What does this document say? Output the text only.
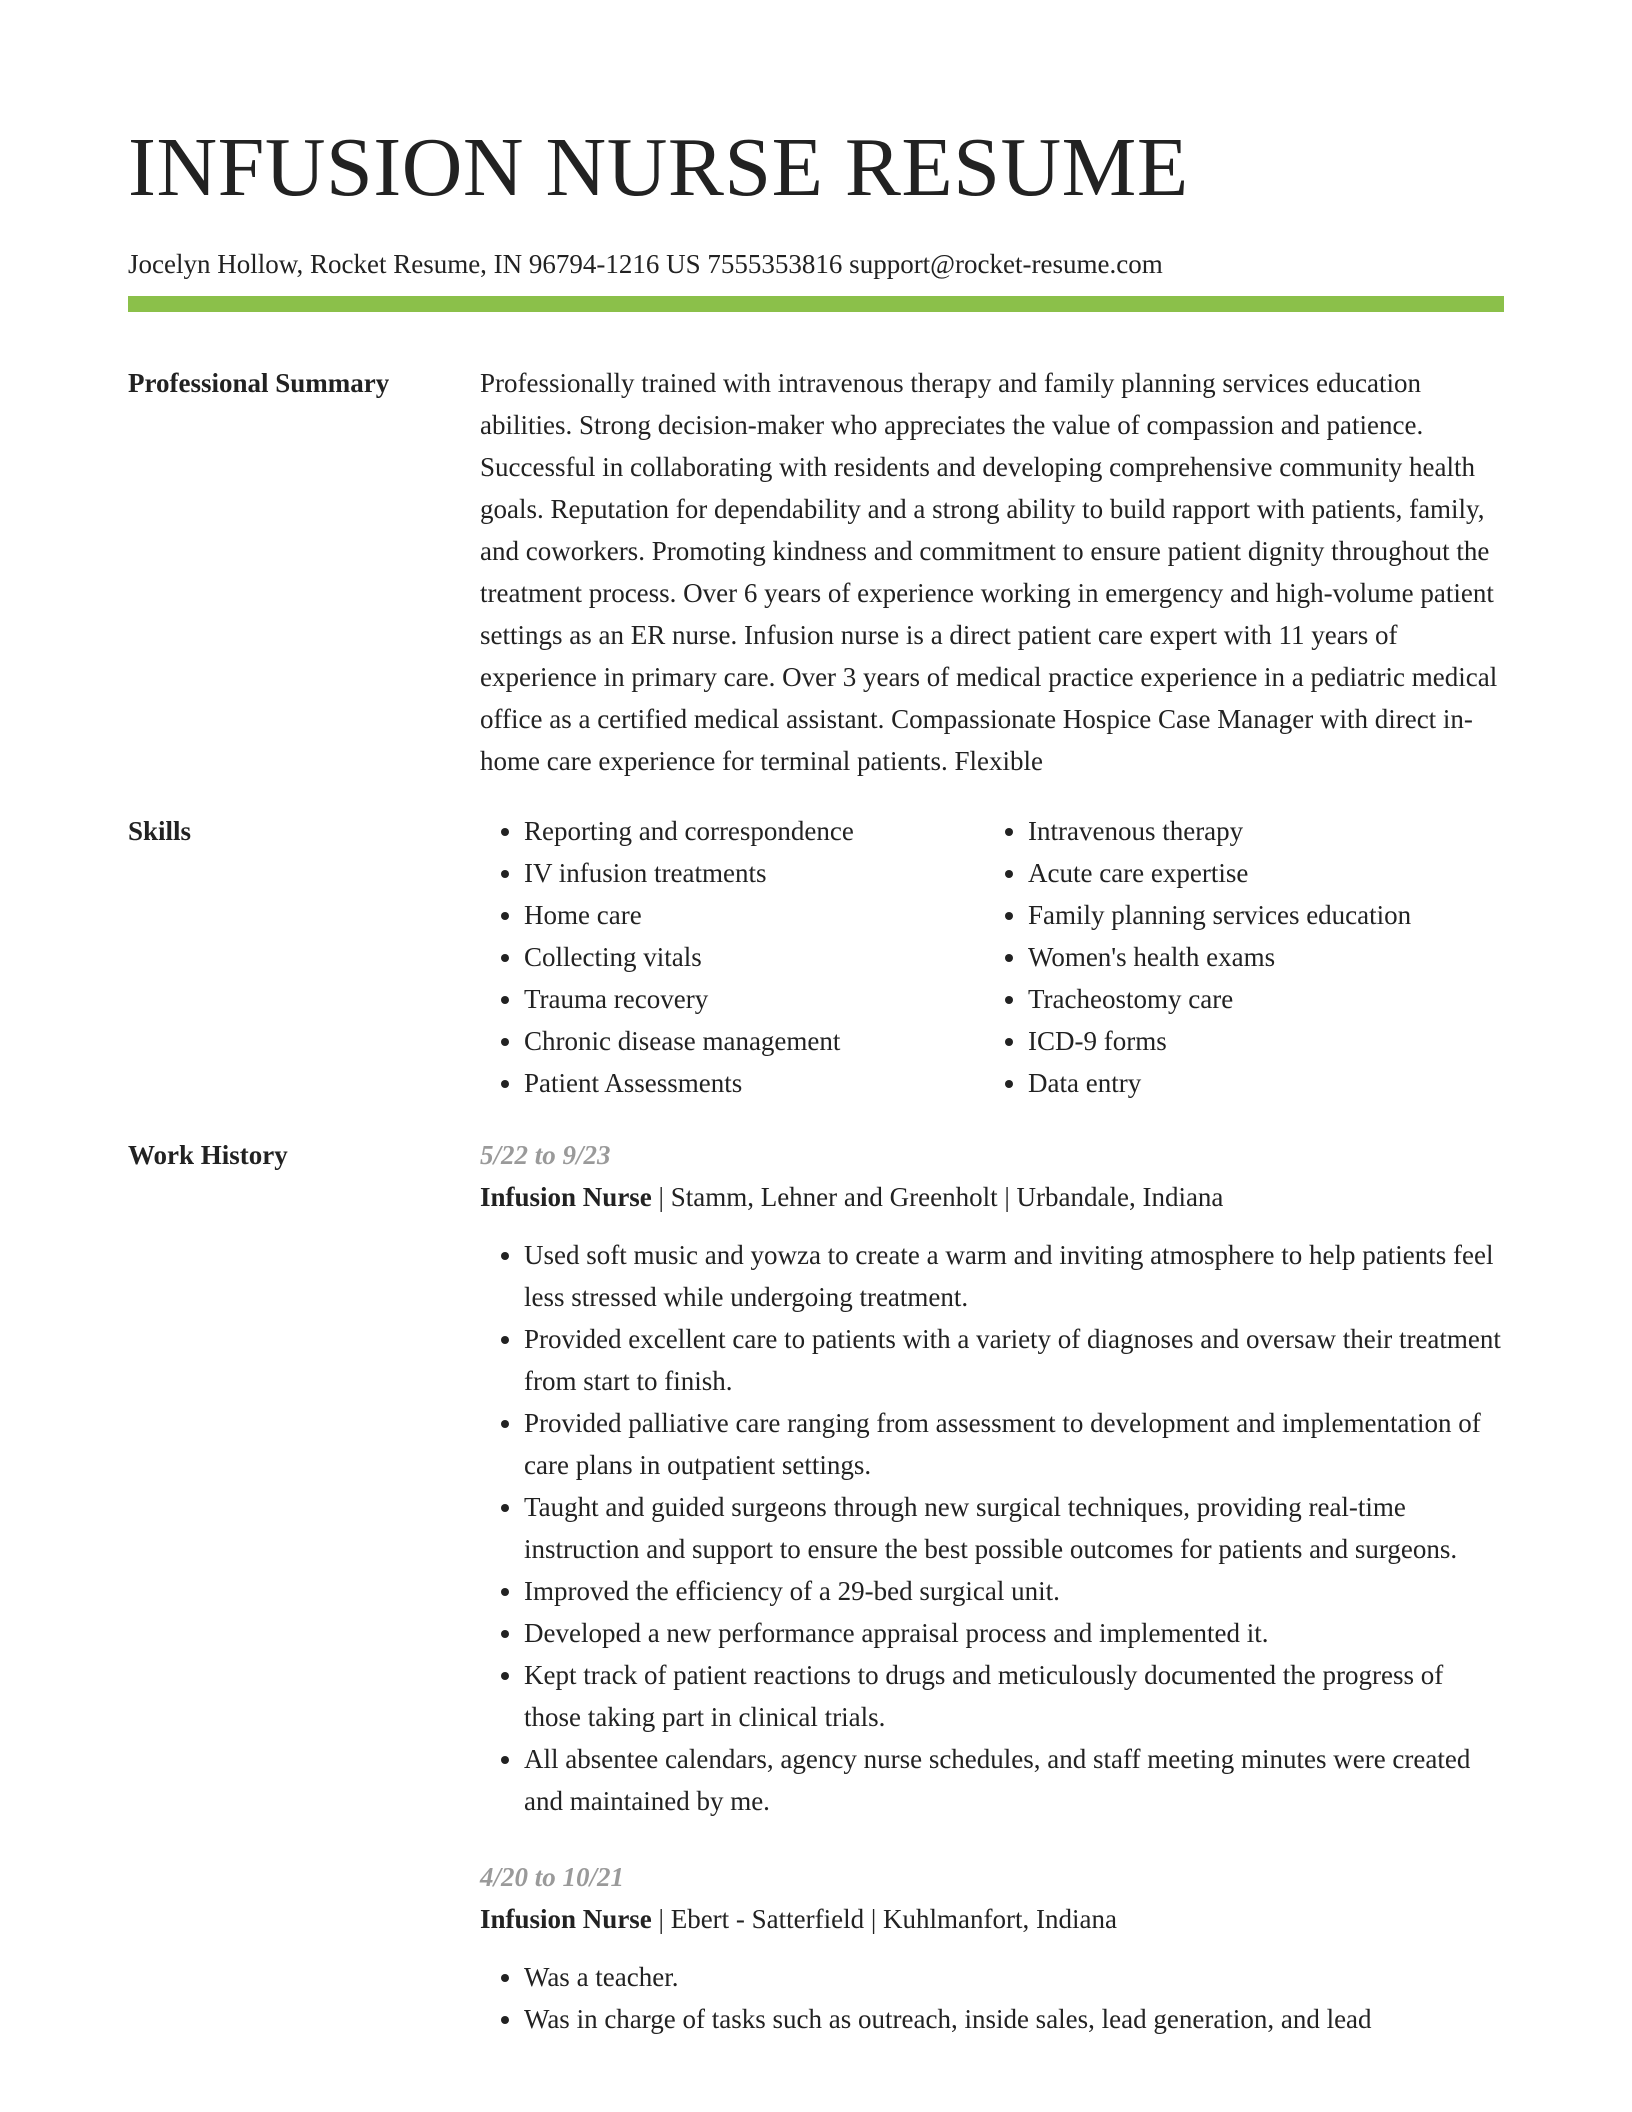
INFUSION NURSE RESUME
Jocelyn Hollow, Rocket Resume, IN 96794-1216 US 7555353816 support@rocket-resume.com
Professional Summary	Professionally trained with intravenous therapy and family planning services education abilities. Strong decision-maker who appreciates the value of compassion and patience. Successful in collaborating with residents and developing comprehensive community health goals. Reputation for dependability and a strong ability to build rapport with patients, family, and coworkers. Promoting kindness and commitment to ensure patient dignity throughout the treatment process. Over 6 years of experience working in emergency and high-volume patient settings as an ER nurse. Infusion nurse is a direct patient care expert with 11 years of experience in primary care. Over 3 years of medical practice experience in a pediatric medical office as a certified medical assistant. Compassionate Hospice Case Manager with direct in-home care experience for terminal patients. Flexible

Skills
•	Reporting and correspondence
• IV infusion treatments
• Home care
• Collecting vitals
• Trauma recovery
• Chronic disease management
• Patient Assessments
• Intravenous therapy
• Acute care expertise
• Family planning services education
• Women's health exams
• Tracheostomy care
• ICD-9 forms
• Data entry
Work History	5/22 to 9/23
Infusion Nurse | Stamm, Lehner and Greenholt | Urbandale, Indiana
• Used soft music and yowza to create a warm and inviting atmosphere to help patients feel less stressed while undergoing treatment.
• Provided excellent care to patients with a variety of diagnoses and oversaw their treatment from start to finish.
• Provided palliative care ranging from assessment to development and implementation of care plans in outpatient settings.
• Taught and guided surgeons through new surgical techniques, providing real-time instruction and support to ensure the best possible outcomes for patients and surgeons.
• Improved the efficiency of a 29-bed surgical unit.
• Developed a new performance appraisal process and implemented it.
• Kept track of patient reactions to drugs and meticulously documented the progress of those taking part in clinical trials.
• All absentee calendars, agency nurse schedules, and staff meeting minutes were created and maintained by me.
4/20 to 10/21
Infusion Nurse | Ebert - Satterfield | Kuhlmanfort, Indiana
• Was a teacher.
• Was in charge of tasks such as outreach, inside sales, lead generation, and lead
